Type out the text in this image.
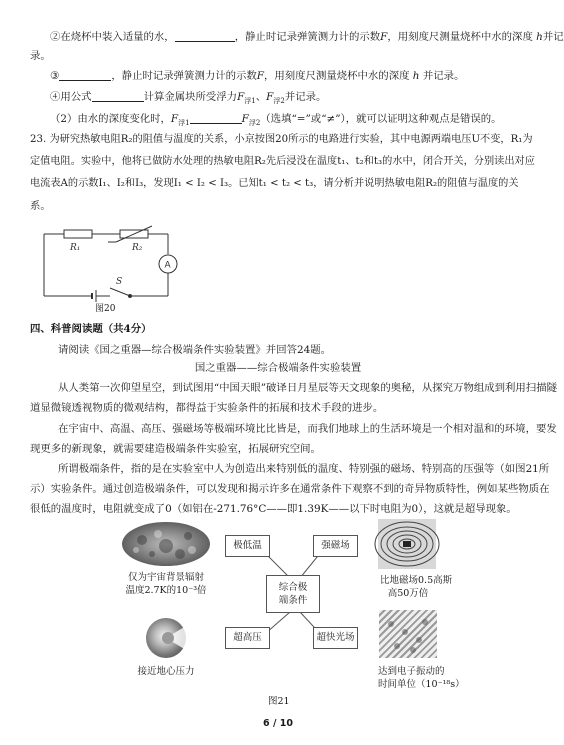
②在烧杯中装入适量的水，	，静止时记录弹簧测力计的示数F，用刻度尺测量烧杯中水的深度 h并记
录。
③	，静止时记录弹簧测力计的示数F，用刻度尺测量烧杯中水的深度 h 并记录。
④用公式	计算金属块所受浮力$F_{浮1}$、$F_{浮2}$并记录。
（2）由水的深度变化时，$F_{浮1}$	$F_{浮2}$（选填“=”或“≠”），就可以证明这种观点是错误的。
23. 为研究热敏电阻R₂的阻值与温度的关系，小京按图20所示的电路进行实验，其中电源两端电压U不变，R₁为
定值电阻。实验中，他将已做防水处理的热敏电阻R₂先后浸没在温度t₁、t₂和t₃的水中，闭合开关，分别读出对应
电流表A的示数I₁、I₂和I₃，发现I₁ < I₂ < I₃。已知t₁ < t₂ < t₃，请分析并说明热敏电阻R₂的阻值与温度的关
系。
R₁	R₂
A
S
图20
四、科普阅读题（共4分）
请阅读《国之重器—综合极端条件实验装置》并回答24题。
国之重器——综合极端条件实验装置
从人类第一次仰望星空，到试图用“中国天眼”破译日月星辰等天文现象的奥秘，从探究万物组成到利用扫描隧
道显微镜透视物质的微观结构，都得益于实验条件的拓展和技术手段的进步。
在宇宙中、高温、高压、强磁场等极端环境比比皆是，而我们地球上的生活环境是一个相对温和的环境，要发
现更多的新现象，就需要建造极端条件实验室，拓展研究空间。
所谓极端条件，指的是在实验室中人为创造出来特别低的温度、特别强的磁场、特别高的压强等（如图21所
示）实验条件。通过创造极端条件，可以发现和揭示许多在通常条件下观察不到的奇异物质特性，例如某些物质在
很低的温度时，电阻就变成了0（如铝在-271.76°C——即1.39K——以下时电阻为0），这就是超导现象。
仅为宇宙背景辐射
温度2.7K的10⁻³倍
比地磁场0.5高斯
高50万倍
接近地心压力	达到电子振动的
时间单位（10⁻¹⁸s）
极低温	强磁场
综合极
端条件
超高压	超快光场
图21
6 / 10
